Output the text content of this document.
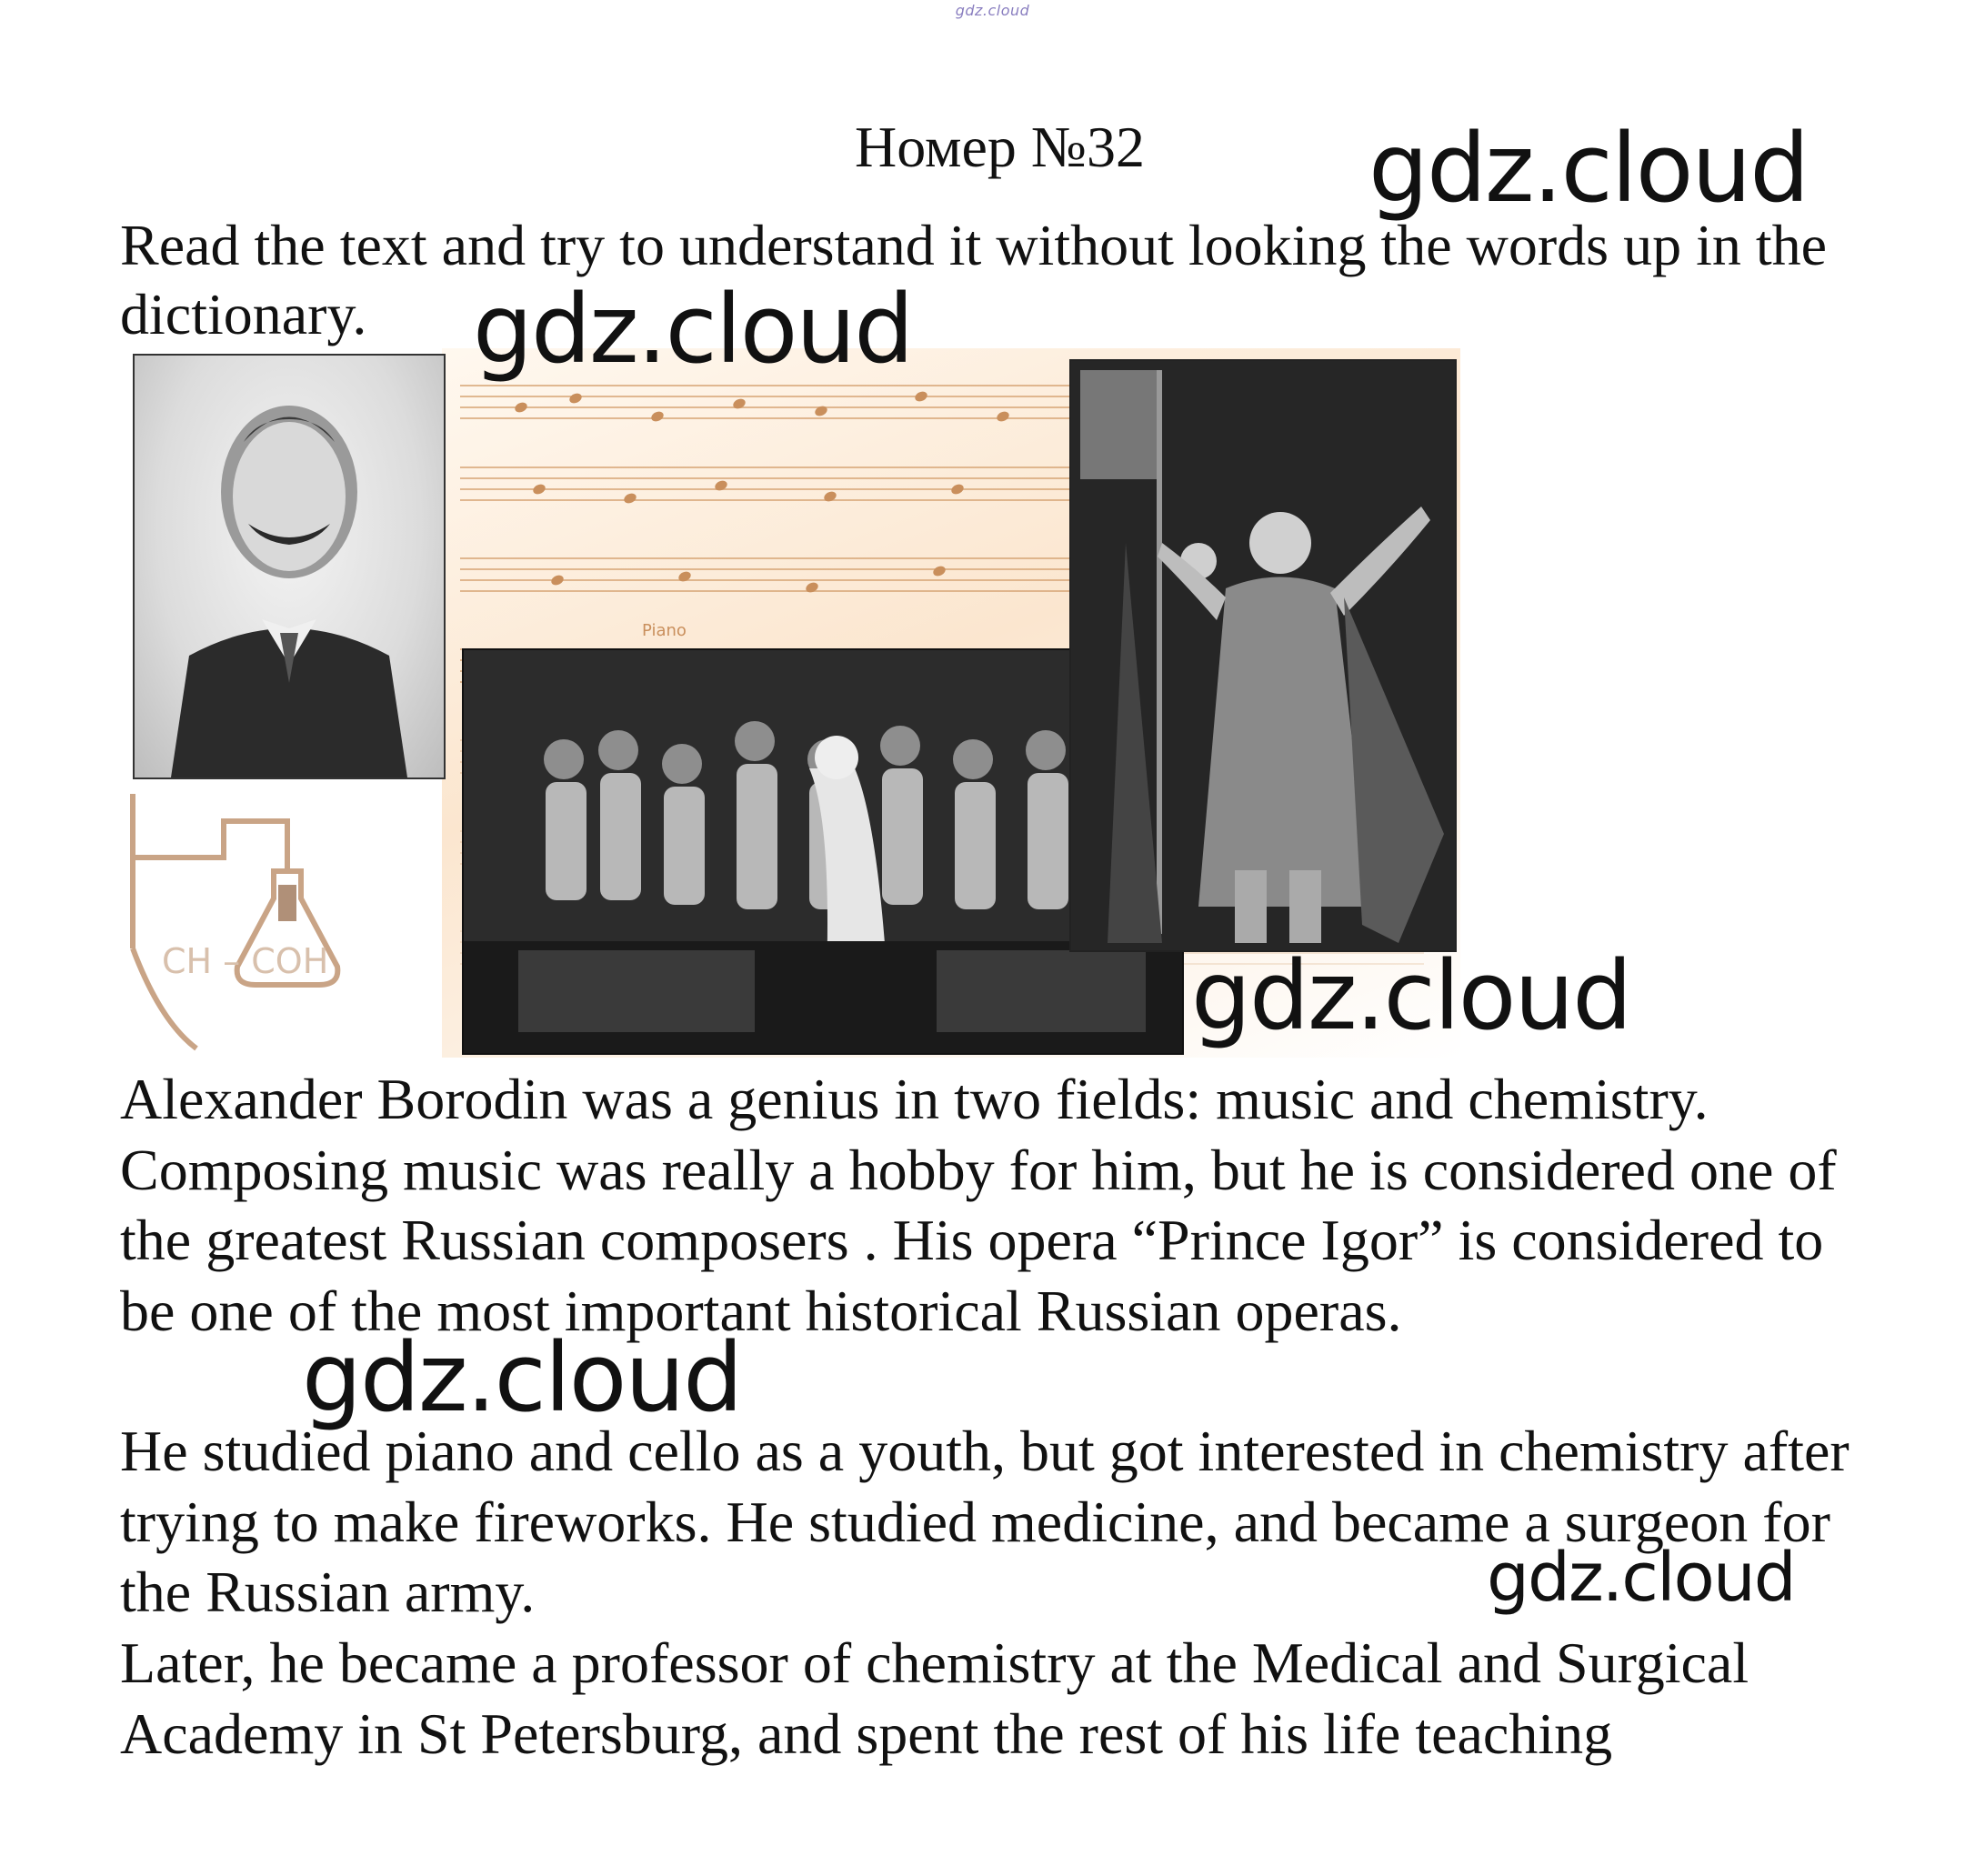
gdz.cloud
Номер №32
Read the text and try to understand it without looking the words up in the dictionary.
Piano
CH – COH
Alexander Borodin was a genius in two fields: music and chemistry. Composing music was really a hobby for him, but he is considered one of the greatest Russian composers . His opera “Prince Igor” is considered to be one of the most important historical Russian operas.
He studied piano and cello as a youth, but got interested in chemistry after trying to make fireworks. He studied medicine, and became a surgeon for the Russian army.
Later, he became a professor of chemistry at the Medical and Surgical Academy in St Petersburg, and spent the rest of his life teaching
gdz.cloud
gdz.cloud
gdz.cloud
gdz.cloud
gdz.cloud
